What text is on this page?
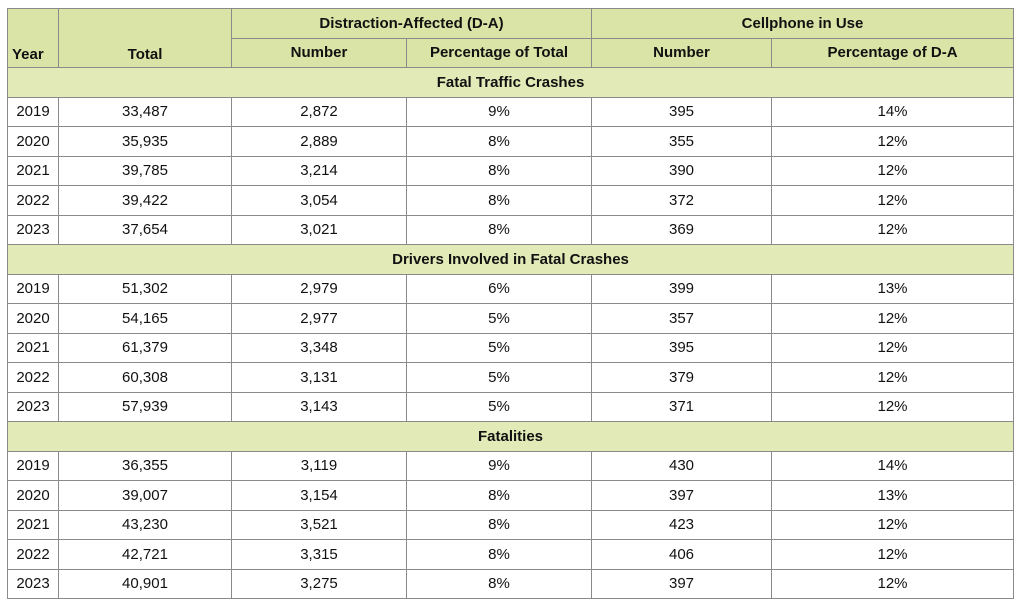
Year	Total	Distraction-Affected (D-A)		Cellphone in Use	
		Number	Percentage of Total	Number	Percentage of D-A
Fatal Traffic Crashes					
2019	33,487	2,872	9%	395	14%
2020	35,935	2,889	8%	355	12%
2021	39,785	3,214	8%	390	12%
2022	39,422	3,054	8%	372	12%
2023	37,654	3,021	8%	369	12%
Drivers Involved in Fatal Crashes					
2019	51,302	2,979	6%	399	13%
2020	54,165	2,977	5%	357	12%
2021	61,379	3,348	5%	395	12%
2022	60,308	3,131	5%	379	12%
2023	57,939	3,143	5%	371	12%
Fatalities					
2019	36,355	3,119	9%	430	14%
2020	39,007	3,154	8%	397	13%
2021	43,230	3,521	8%	423	12%
2022	42,721	3,315	8%	406	12%
2023	40,901	3,275	8%	397	12%
